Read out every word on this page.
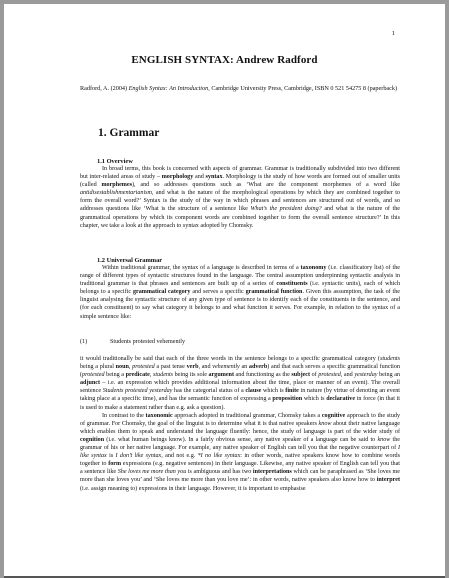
1
ENGLISH SYNTAX: Andrew Radford
Radford, A. (2004) English Syntax: An Introduction, Cambridge University Press, Cambridge, ISBN 0 521 54275 8 (paperback)
1. Grammar
1.1 Overview

In broad terms, this book is concerned with aspects of grammar. Grammar is traditionally subdivided into two different but inter-related areas of study – morphology and syntax. Morphology is the study of how words are formed out of smaller units (called morphemes), and so addresses questions such as ‘What are the component morphemes of a word like antidisestablishmentarianism, and what is the nature of the morphological operations by which they are combined together to form the overall word?’ Syntax is the study of the way in which phrases and sentences are structured out of words, and so addresses questions like ‘What is the structure of a sentence like What’s the president doing? and what is the nature of the grammatical operations by which its component words are combined together to form the overall sentence structure?’ In this chapter, we take a look at the approach to syntax adopted by Chomsky.

1.2 Universal Grammar

Within traditional grammar, the syntax of a language is described in terms of a taxonomy (i.e. classificatory list) of the range of different types of syntactic structures found in the language. The central assumption underpinning syntactic analysis in traditional grammar is that phrases and sentences are built up of a series of constituents (i.e. syntactic units), each of which belongs to a specific grammatical category and serves a specific grammatical function. Given this assumption, the task of the linguist analysing the syntactic structure of any given type of sentence is to identify each of the constituents in the sentence, and (for each constituent) to say what category it belongs to and what function it serves. For example, in relation to the syntax of a simple sentence like:

(1)	Students protested vehemently

it would traditionally be said that each of the three words in the sentence belongs to a specific grammatical category (students being a plural noun, protested a past tense verb, and vehemently an adverb) and that each serves a specific grammatical function (protested being a predicate, students being its sole argument and functioning as the subject of protested, and yesterday being an adjunct – i.e. an expression which provides additional information about the time, place or manner of an event). The overall sentence Students protested yesterday has the categorial status of a clause which is finite in nature (by virtue of denoting an event taking place at a specific time), and has the semantic function of expressing a proposition which is declarative in force (in that it is used to make a statement rather than e.g. ask a question).

In contrast to the taxonomic approach adopted in traditional grammar, Chomsky takes a cognitive approach to the study of grammar. For Chomsky, the goal of the linguist is to determine what it is that native speakers know about their native language which enables them to speak and understand the language fluently: hence, the study of language is part of the wider study of cognition (i.e. what human beings know). In a fairly obvious sense, any native speaker of a language can be said to know the grammar of his or her native language. For example, any native speaker of English can tell you that the negative counterpart of I like syntax is I don’t like syntax, and not e.g. *I no like syntax: in other words, native speakers know how to combine words together to form expressions (e.g. negative sentences) in their language. Likewise, any native speaker of English can tell you that a sentence like She loves me more than you is ambiguous and has two interpretations which can be paraphrased as ‘She loves me more than she loves you’ and ‘She loves me more than you love me’: in other words, native speakers also know how to interpret (i.e. assign meaning to) expressions in their language. However, it is important to emphasise
